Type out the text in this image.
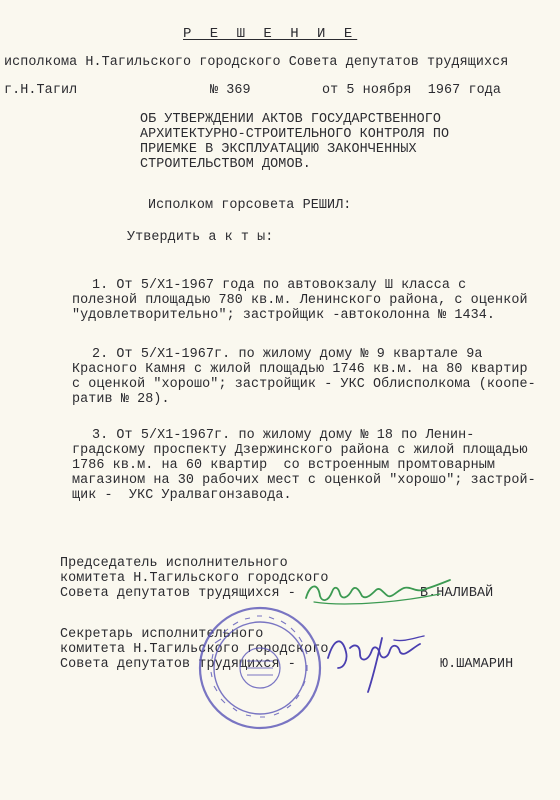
Р Е Ш Е Н И Е
исполкома Н.Тагильского городского Совета депутатов трудящихся
г.Н.Тагил	№ 369	от 5 ноября  1967 года
ОБ УТВЕРЖДЕНИИ АКТОВ ГОСУДАРСТВЕННОГО
АРХИТЕКТУРНО-СТРОИТЕЛЬНОГО КОНТРОЛЯ ПО
ПРИЕМКЕ В ЭКСПЛУАТАЦИЮ ЗАКОНЧЕННЫХ
СТРОИТЕЛЬСТВОМ ДОМОВ.
Исполком горсовета РЕШИЛ:
Утвердить а к т ы:
1. От 5/Х1-1967 года по автовокзалу Ш класса с
полезной площадью 780 кв.м. Ленинского района, с оценкой
"удовлетворительно"; застройщик -автоколонна № 1434.
2. От 5/Х1-1967г. по жилому дому № 9 квартале 9а
Красного Камня с жилой площадью 1746 кв.м. на 80 квартир
с оценкой "хорошо"; застройщик - УКС Облисполкома (коопе-
ратив № 28).
3. От 5/Х1-1967г. по жилому дому № 18 по Ленин-
градскому проспекту Дзержинского района с жилой площадью
1786 кв.м. на 60 квартир  со встроенным промтоварным
магазином на 30 рабочих мест с оценкой "хорошо"; застрой-
щик -  УКС Уралвагонзавода.
Председатель исполнительного
комитета Н.Тагильского городского
Совета депутатов трудящихся -	В.НАЛИВАЙ
Секретарь исполнительного
комитета Н.Тагильского городского
Совета депутатов трудящихся -	Ю.ШАМАРИН
